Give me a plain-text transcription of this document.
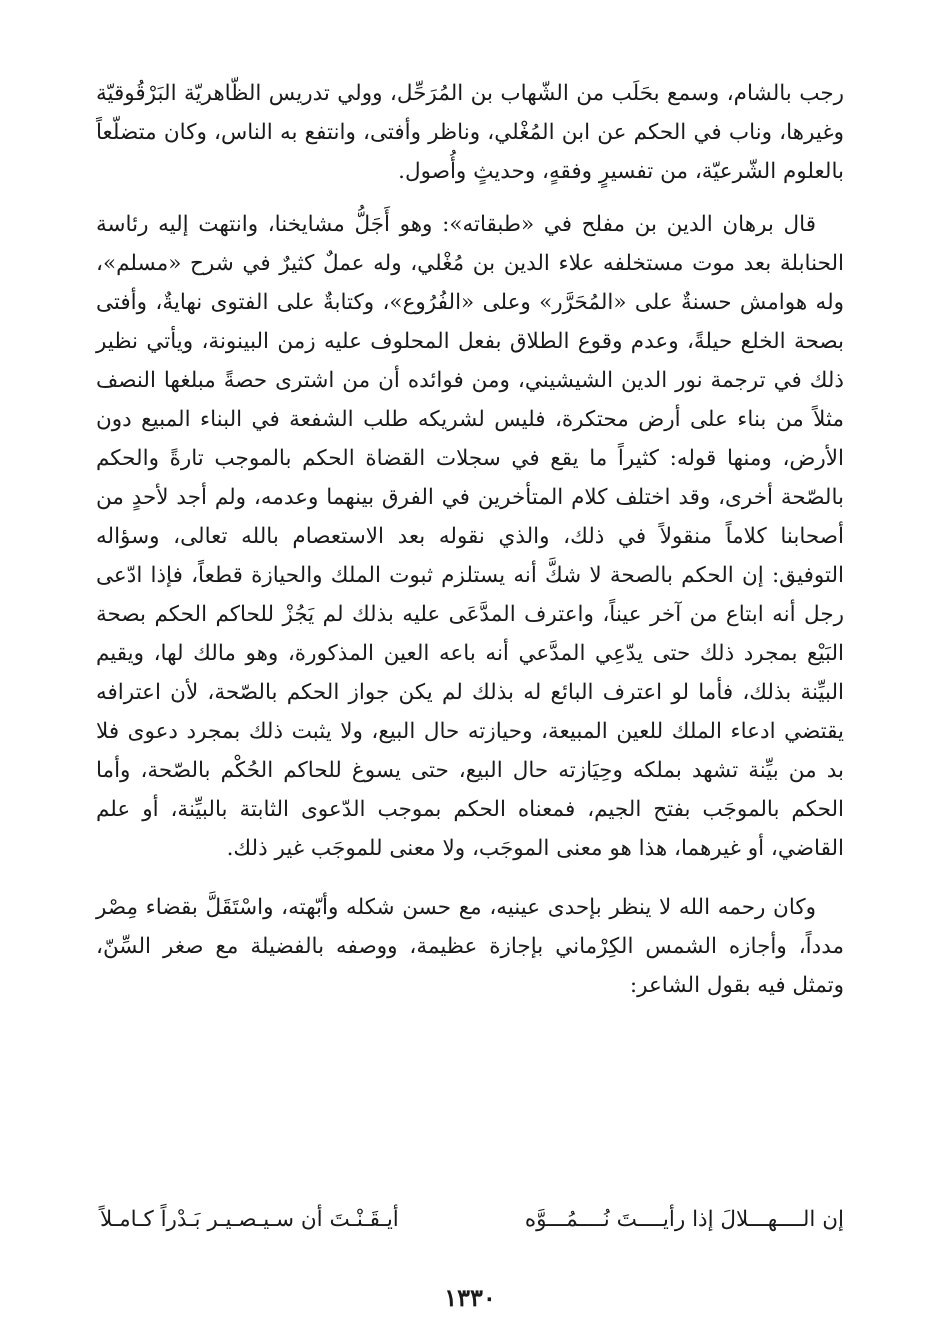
رجب بالشام، وسمع بحَلَب من الشّهاب بن المُرَحِّل، وولي تدريس الظّاهريّة البَرْقُوقيّة وغيرها، وناب في الحكم عن ابن المُغْلي، وناظر وأفتى، وانتفع به الناس، وكان متضلّعاً بالعلوم الشّرعيّة، من تفسيرٍ وفقهٍ، وحديثٍ وأُصول.

قال برهان الدين بن مفلح في «طبقاته»: وهو أَجَلُّ مشايخنا، وانتهت إليه رئاسة الحنابلة بعد موت مستخلفه علاء الدين بن مُغْلي، وله عملٌ كثيرٌ في شرح «مسلم»، وله هوامش حسنةٌ على «المُحَرَّر» وعلى «الفُرُوع»، وكتابةٌ على الفتوى نهايةٌ، وأفتى بصحة الخلع حيلةً، وعدم وقوع الطلاق بفعل المحلوف عليه زمن البينونة، ويأتي نظير ذلك في ترجمة نور الدين الشيشيني، ومن فوائده أن من اشترى حصةً مبلغها النصف مثلاً من بناء على أرض محتكرة، فليس لشريكه طلب الشفعة في البناء المبيع دون الأرض، ومنها قوله: كثيراً ما يقع في سجلات القضاة الحكم بالموجب تارةً والحكم بالصّحة أخرى، وقد اختلف كلام المتأخرين في الفرق بينهما وعدمه، ولم أجد لأحدٍ من أصحابنا كلاماً منقولاً في ذلك، والذي نقوله بعد الاستعصام بالله تعالى، وسؤاله التوفيق: إن الحكم بالصحة لا شكَّ أنه يستلزم ثبوت الملك والحيازة قطعاً، فإذا ادّعى رجل أنه ابتاع من آخر عيناً، واعترف المدَّعَى عليه بذلك لم يَجُزْ للحاكم الحكم بصحة البَيْع بمجرد ذلك حتى يدّعِي المدَّعي أنه باعه العين المذكورة، وهو مالك لها، ويقيم البيِّنة بذلك، فأما لو اعترف البائع له بذلك لم يكن جواز الحكم بالصّحة، لأن اعترافه يقتضي ادعاء الملك للعين المبيعة، وحيازته حال البيع، ولا يثبت ذلك بمجرد دعوى فلا بد من بيِّنة تشهد بملكه وحِيَازته حال البيع، حتى يسوغ للحاكم الحُكْم بالصّحة، وأما الحكم بالموجَب بفتح الجيم، فمعناه الحكم بموجب الدّعوى الثابتة بالبيِّنة، أو علم القاضي، أو غيرهما، هذا هو معنى الموجَب، ولا معنى للموجَب غير ذلك.

وكان رحمه الله لا ينظر بإحدى عينيه، مع حسن شكله وأبّهته، واسْتَقَلَّ بقضاء مِصْر مدداً، وأجازه الشمس الكِرْماني بإجازة عظيمة، ووصفه بالفضيلة مع صغر السِّنّ، وتمثل فيه بقول الشاعر:

إن الــــهـــلالَ إذا رأيــــتَ نُــــمُـــوَّه
أيـقَـنْـتَ أن سـيـصـيـر بَـدْراً كـامـلاً
١٣٣٠
